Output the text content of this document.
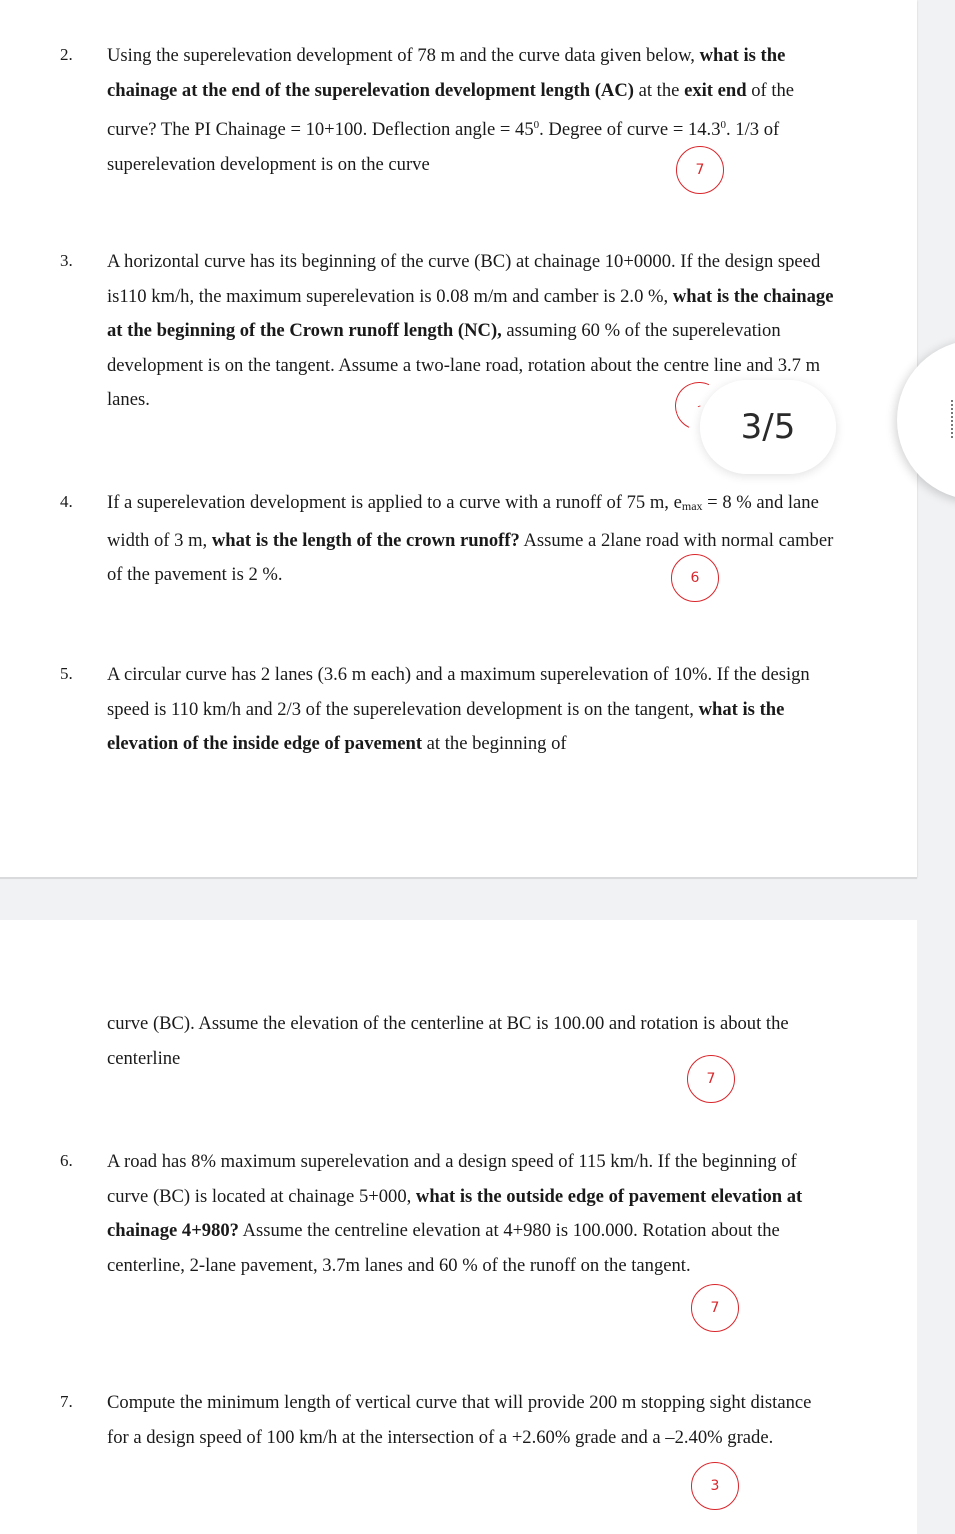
2. Using the superelevation development of 78 m and the curve data given below, what is the chainage at the end of the superelevation development length (AC) at the exit end of the curve? The PI Chainage = 10+100. Deflection angle = $45^0$. Degree of curve = $14.3^0$. 1/3 of superelevation development is on the curve	7
3. A horizontal curve has its beginning of the curve (BC) at chainage 10+0000. If the design speed is110 km/h, the maximum superelevation is 0.08 m/m and camber is 2.0 %, what is the chainage at the beginning of the Crown runoff length (NC), assuming 60 % of the superelevation development is on the tangent. Assume a two-lane road, rotation about the centre line and 3.7 m lanes.	-
4. If a superelevation development is applied to a curve with a runoff of 75 m, emax = 8 % and lane width of 3 m, what is the length of the crown runoff? Assume a 2lane road with normal camber of the pavement is 2 %.	6
5. A circular curve has 2 lanes (3.6 m each) and a maximum superelevation of 10%. If the design speed is 110 km/h and 2/3 of the superelevation development is on the tangent, what is the elevation of the inside edge of pavement at the beginning of

curve (BC). Assume the elevation of the centerline at BC is 100.00 and rotation is about the centerline

7
6. A road has 8% maximum superelevation and a design speed of 115 km/h. If the beginning of curve (BC) is located at chainage 5+000, what is the outside edge of pavement elevation at chainage 4+980? Assume the centreline elevation at 4+980 is 100.000. Rotation about the centerline, 2-lane pavement, 3.7m lanes and 60 % of the runoff on the tangent.

7
7. Compute the minimum length of vertical curve that will provide 200 m stopping sight distance for a design speed of 100 km/h at the intersection of a +2.60% grade and a –2.40% grade.

3
3/5
